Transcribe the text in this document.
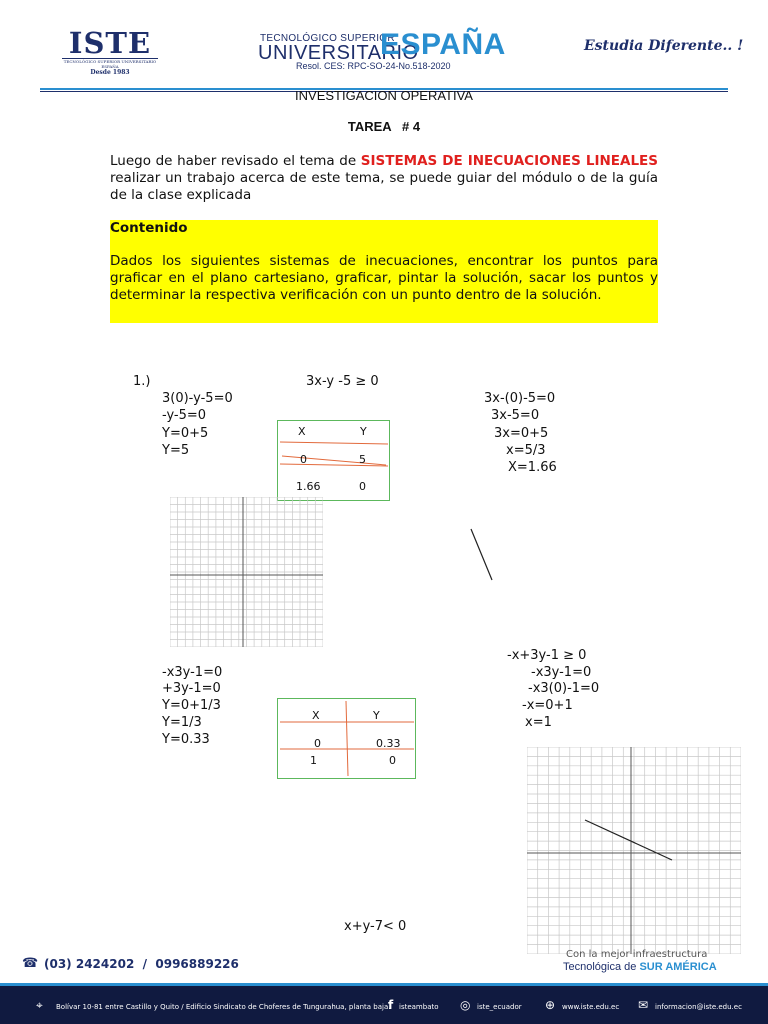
ISTE
TECNOLÓGICO SUPERIOR UNIVERSITARIO ESPAÑA
Desde 1983
TECNOLÓGICO SUPERIOR
UNIVERSITARIO
ESPAÑA
Resol. CES: RPC-SO-24-No.518-2020
Estudia Diferente.. !
INVESTIGACION OPERATIVA
TAREA   # 4
Luego de haber revisado el tema de SISTEMAS DE INECUACIONES LINEALES realizar un trabajo acerca de este tema, se puede guiar del módulo o de la guía de la clase explicada
Contenido
Dados los siguientes sistemas de inecuaciones, encontrar los puntos para graficar en el plano cartesiano, graficar, pintar la solución, sacar los puntos y determinar la respectiva verificación con un punto dentro de la solución.
1.)	3x-y -5 ≥ 0
3(0)-y-5=0
-y-5=0
Y=0+5
Y=5
3x-(0)-5=0
3x-5=0
3x=0+5
x=5/3
X=1.66
X	Y
0	5
1.66	0
-x+3y-1 ≥ 0
-x3y-1=0
+3y-1=0
Y=0+1/3
Y=1/3
Y=0.33
-x3y-1=0
-x3(0)-1=0
-x=0+1
x=1
X	Y
0	0.33
1	0
x+y-7< 0
☎ (03) 2424202  /  0996889226
Con la mejor infraestructura
Tecnológica de SUR AMÉRICA
⌖ Bolívar 10-81 entre Castillo y Quito / Edificio Sindicato de Choferes de Tungurahua, planta baja.
f isteambato ◎ iste_ecuador ⊕ www.iste.edu.ec ✉ informacion@iste.edu.ec
